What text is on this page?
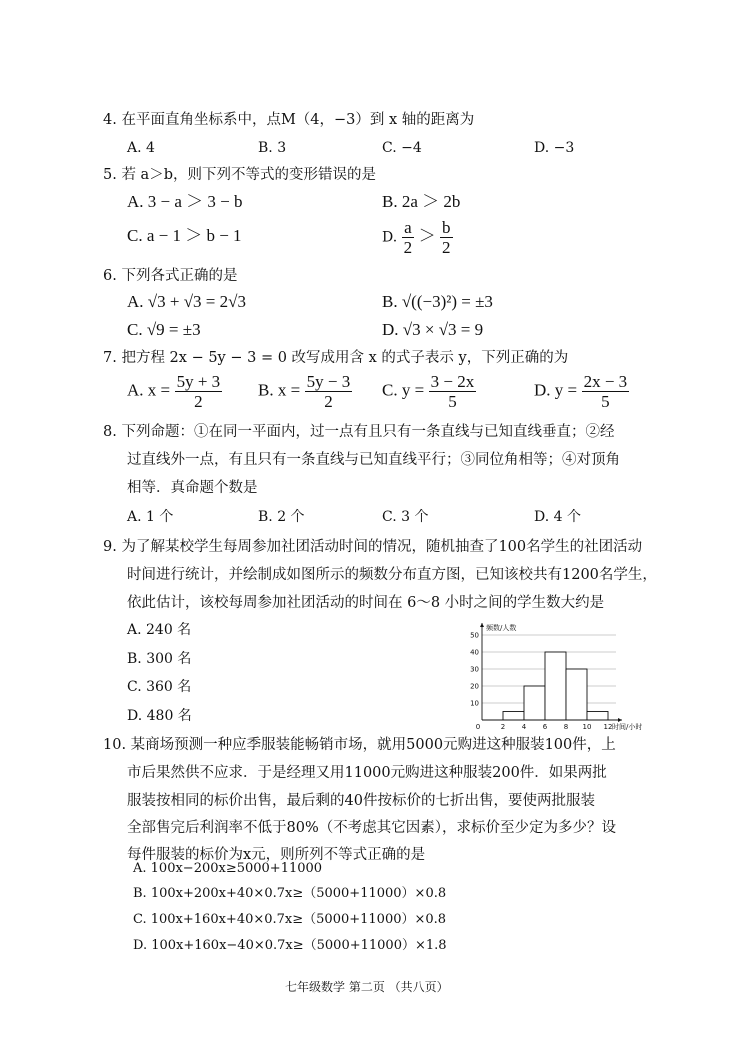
4. 在平面直角坐标系中，点M（4，−3）到 x 轴的距离为
A. 4	B. 3	C. −4	D. −3
5. 若 a＞b，则下列不等式的变形错误的是
A. 3 − a ＞ 3 − b	B. 2a ＞ 2b
C. a − 1 ＞ b − 1	D. $\frac{a}{2} > \frac{b}{2}$
6. 下列各式正确的是
A. √3 + √3 = 2√3	B. √((−3)²) = ±3
C. √9 = ±3	D. √3 × √3 = 9
7. 把方程 2x − 5y − 3 = 0 改写成用含 x 的式子表示 y，下列正确的为
A. $x = \frac{5y + 3}{2} B$. $x = \frac{5y - 3}{2} C$. $y = \frac{3 - 2x}{5}$	D. $y = \frac{2x - 3}{5}$
8. 下列命题：①在同一平面内，过一点有且只有一条直线与已知直线垂直；②经
过直线外一点，有且只有一条直线与已知直线平行；③同位角相等；④对顶角
相等．真命题个数是
A. 1 个	B. 2 个	C. 3 个	D. 4 个
9. 为了解某校学生每周参加社团活动时间的情况，随机抽查了100名学生的社团活动
时间进行统计，并绘制成如图所示的频数分布直方图，已知该校共有1200名学生，
依此估计，该校每周参加社团活动的时间在 6～8 小时之间的学生数大约是
A. 240 名
B. 300 名
C. 360 名
D. 480 名
10
20
30
40
50
0	2 4 6 8 10 12
频数/人数
时间/小时
10. 某商场预测一种应季服装能畅销市场，就用5000元购进这种服装100件，上
市后果然供不应求．于是经理又用11000元购进这种服装200件．如果两批
服装按相同的标价出售，最后剩的40件按标价的七折出售，要使两批服装
全部售完后利润率不低于80%（不考虑其它因素），求标价至少定为多少？设
每件服装的标价为x元，则所列不等式正确的是
A. 100x−200x≥5000+11000
B. 100x+200x+40×0.7x≥（5000+11000）×0.8
C. 100x+160x+40×0.7x≥（5000+11000）×0.8
D. 100x+160x−40×0.7x≥（5000+11000）×1.8
七年级数学 第二页 （共八页）
